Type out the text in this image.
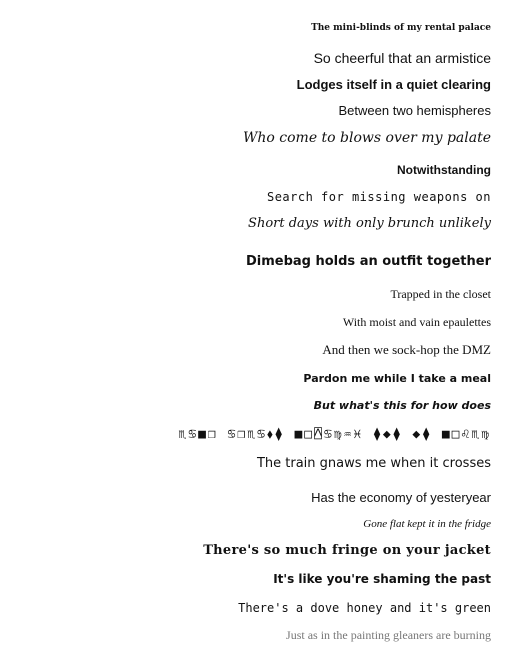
The mini-blinds of my rental palace
So cheerful that an armistice
Lodges itself in a quiet clearing
Between two hemispheres
Who come to blows over my palate
Notwithstanding
Search for missing weapons on
Short days with only brunch unlikely
Dimebag holds an outfit together
Trapped in the closet
With moist and vain epaulettes
And then we sock-hop the DMZ
Pardon me while I take a meal
But what's this for how does
♏♋■❒ ♋❒♏♋⬧⧫ ■□⍓♋♍♒♓ ⧫◆⧫ ◆⧫ ■□♌♏♍
The train gnaws me when it crosses
Has the economy of yesteryear
Gone flat kept it in the fridge
There's so much fringe on your jacket
It's like you're shaming the past
There's a dove honey and it's green
Just as in the painting gleaners are burning
